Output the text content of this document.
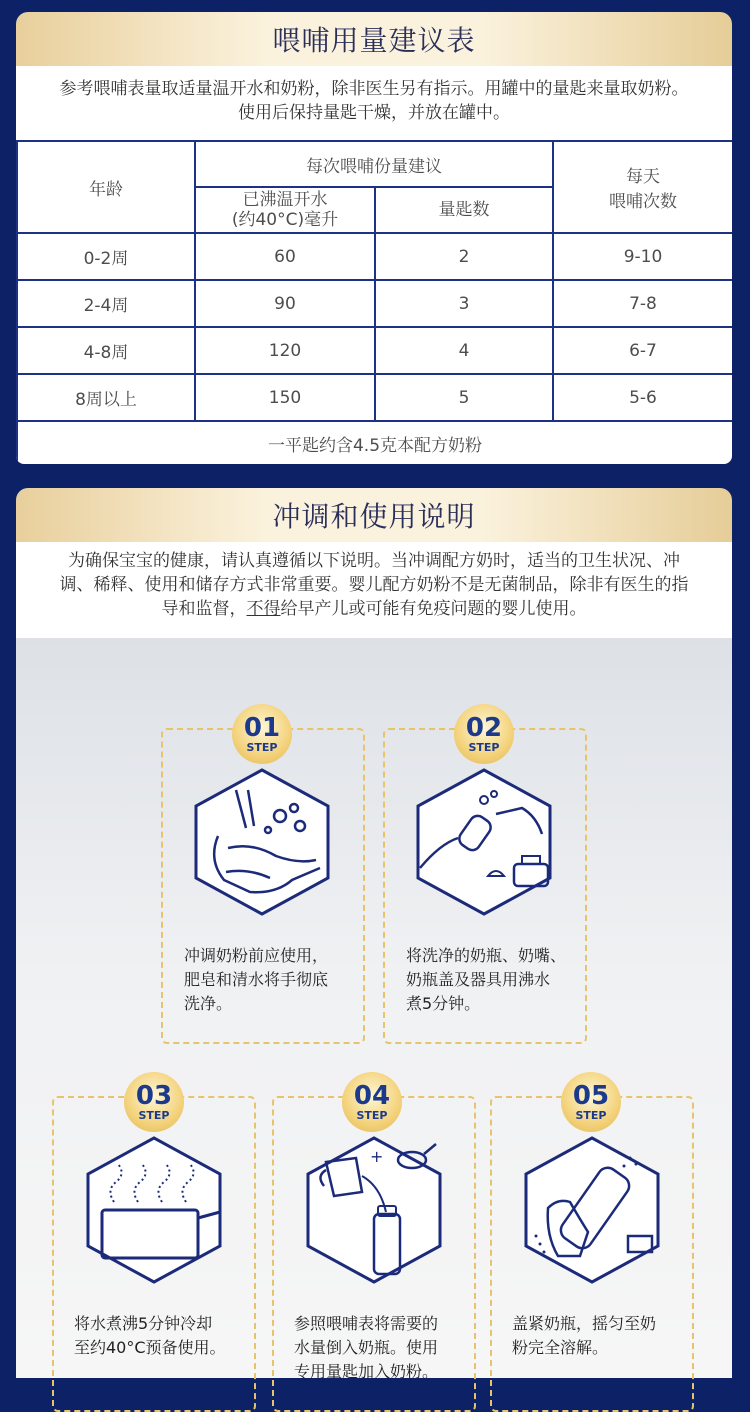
喂哺用量建议表
参考喂哺表量取适量温开水和奶粉，除非医生另有指示。用罐中的量匙来量取奶粉。
使用后保持量匙干燥，并放在罐中。
年龄	每次喂哺份量建议		每天
喂哺次数

	已沸温开水
(约40°C)毫升	量匙数	
0-2周	60	2	9-10
2-4周	90	3	7-8
4-8周	120	4	6-7
8周以上	150	5	5-6
一平匙约含4.5克本配方奶粉			
冲调和使用说明
为确保宝宝的健康，请认真遵循以下说明。当冲调配方奶时，适当的卫生状况、冲
调、稀释、使用和储存方式非常重要。婴儿配方奶粉不是无菌制品，除非有医生的指
导和监督，不得给早产儿或可能有免疫问题的婴儿使用。
01
STEP
冲调奶粉前应使用，
肥皂和清水将手彻底
洗净。
02
STEP
将洗净的奶瓶、奶嘴、
奶瓶盖及器具用沸水
煮5分钟。
03
STEP
将水煮沸5分钟冷却
至约40°C预备使用。
04
STEP
+
参照喂哺表将需要的
水量倒入奶瓶。使用
专用量匙加入奶粉。
05
STEP
盖紧奶瓶，摇匀至奶
粉完全溶解。
